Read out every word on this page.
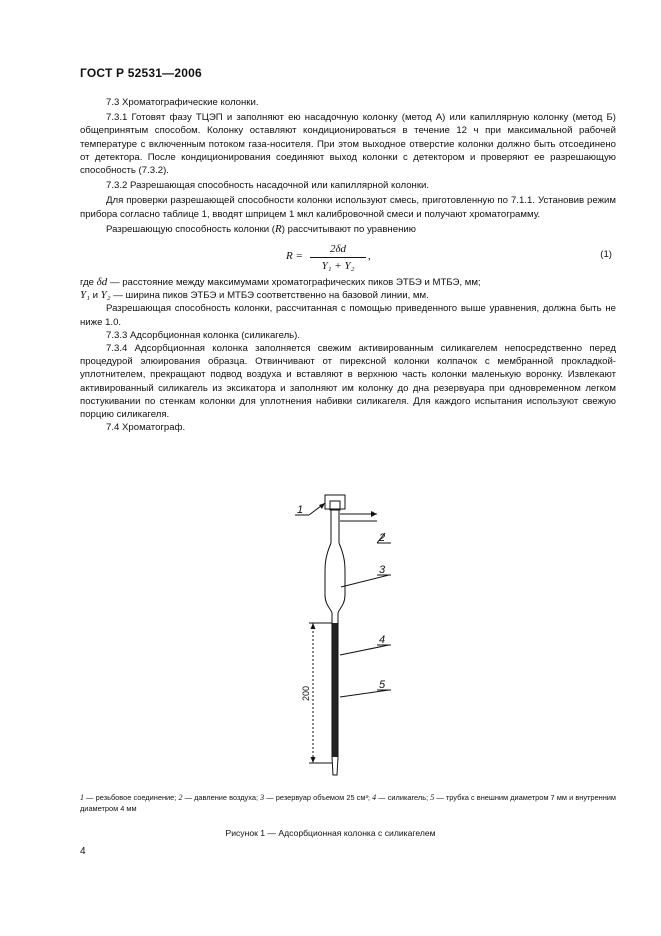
ГОСТ Р 52531—2006

7.3 Хроматографические колонки.

7.3.1 Готовят фазу ТЦЭП и заполняют ею насадочную колонку (метод А) или капиллярную колонку (метод Б) общепринятым способом. Колонку оставляют кондиционироваться в течение 12 ч при максимальной рабочей температуре с включенным потоком газа-носителя. При этом выходное отверстие колонки должно быть отсоединено от детектора. После кондиционирования соединяют выход колонки с детектором и проверяют ее разрешающую способность (7.3.2).

7.3.2 Разрешающая способность насадочной или капиллярной колонки.

Для проверки разрешающей способности колонки используют смесь, приготовленную по 7.1.1. Установив режим прибора согласно таблице 1, вводят шприцем 1 мкл калибровочной смеси и получают хроматограмму.

Разрешающую способность колонки (R) рассчитывают по уравнению

R =
2δd
Y₁ + Y₂
,	(1)

где δd — расстояние между максимумами хроматографических пиков ЭТБЭ и МТБЭ, мм;

Y₁ и Y₂ — ширина пиков ЭТБЭ и МТБЭ соответственно на базовой линии, мм.

Разрешающая способность колонки, рассчитанная с помощью приведенного выше уравнения, должна быть не ниже 1.0.

7.3.3 Адсорбционная колонка (силикагель).

7.3.4 Адсорбционная колонка заполняется свежим активированным силикагелем непосредственно перед процедурой элюирования образца. Отвинчивают от пирексной колонки колпачок с мембранной прокладкой-уплотнителем, прекращают подвод воздуха и вставляют в верхнюю часть колонки маленькую воронку. Извлекают активированный силикагель из эксикатора и заполняют им колонку до дна резервуара при одновременном легком постукивании по стенкам колонки для уплотнения набивки силикагеля. Для каждого испытания используют свежую порцию силикагеля.

7.4 Хроматограф.

1
2
3
4
5
200
1 — резьбовое соединение; 2 — давление воздуха; 3 — резервуар объемом 25 см³; 4 — силикагель; 5 — трубка с внешним диаметром 7 мм и внутренним диаметром 4 мм
Рисунок 1 — Адсорбционная колонка с силикагелем
4
